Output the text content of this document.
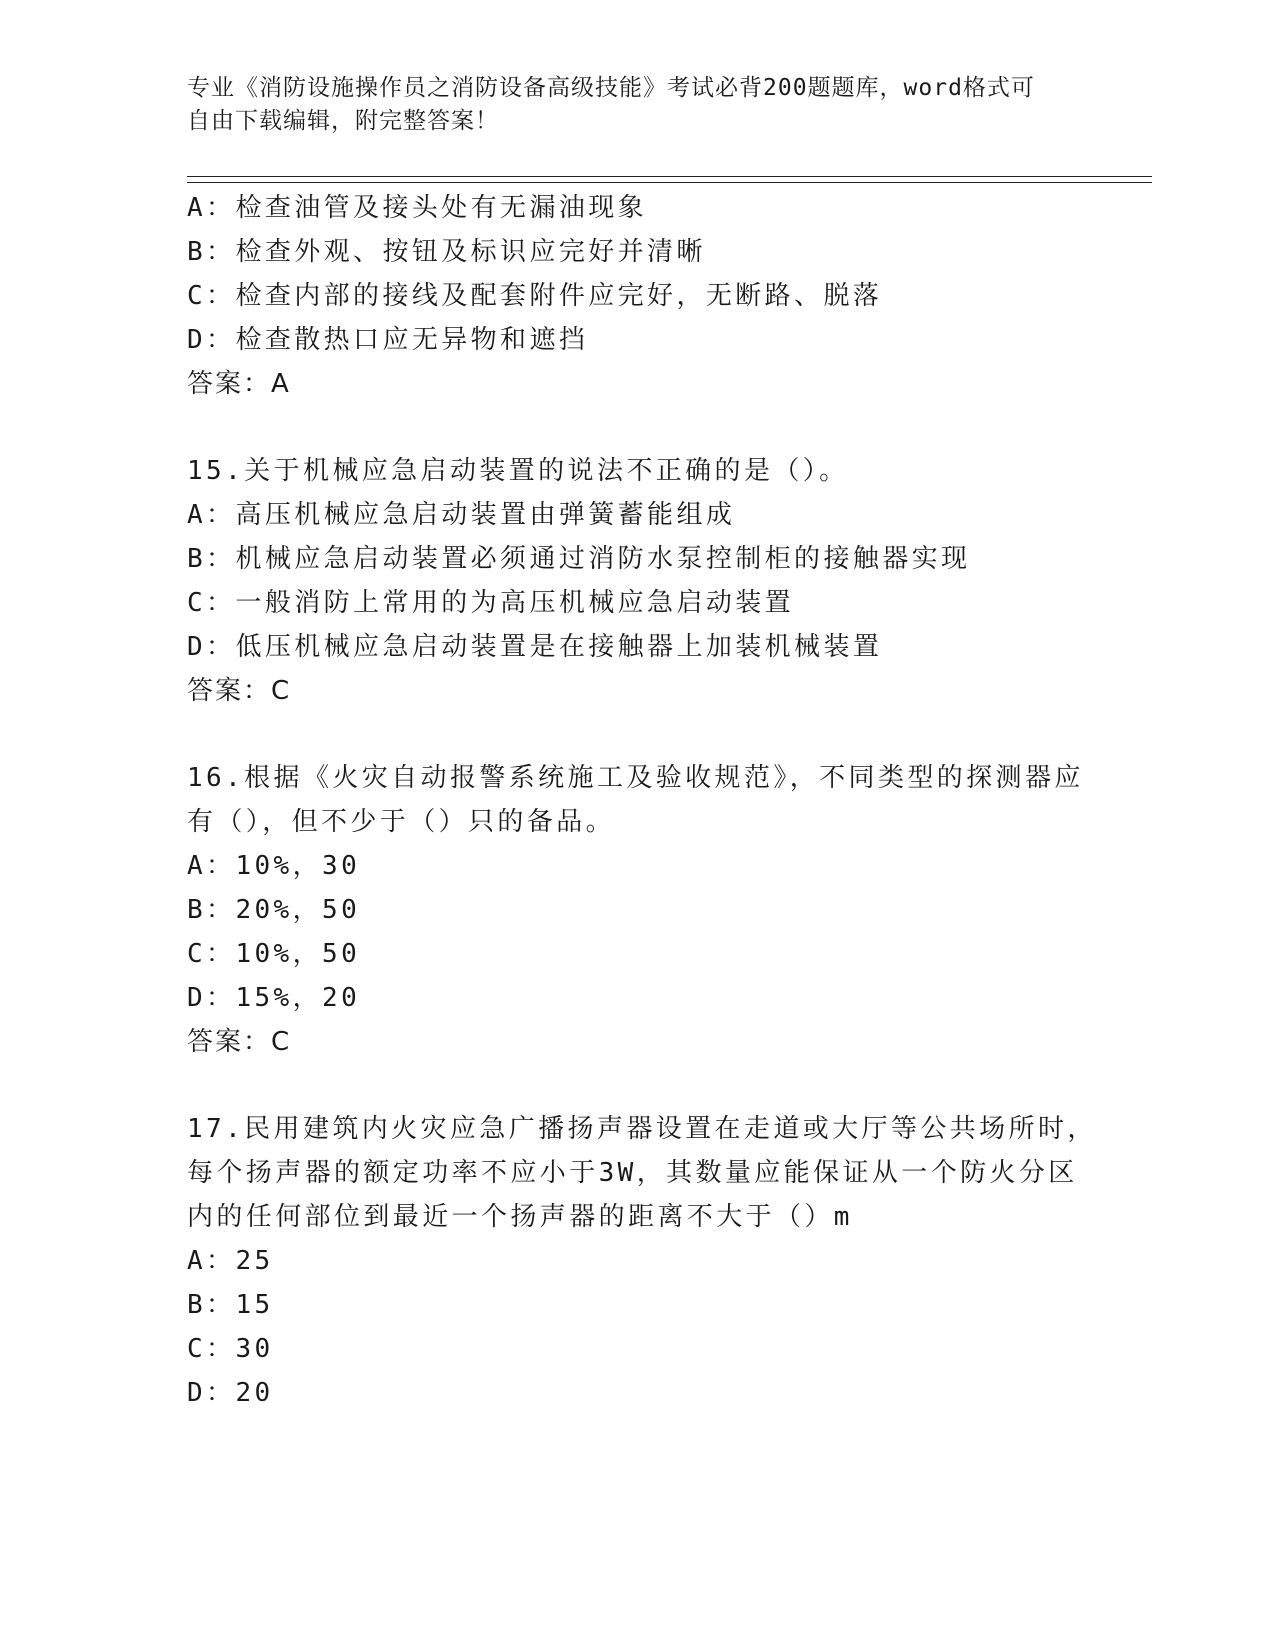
专业《消防设施操作员之消防设备高级技能》考试必背200题题库，word格式可
自由下载编辑，附完整答案！
A：检查油管及接头处有无漏油现象
B：检查外观、按钮及标识应完好并清晰
C：检查内部的接线及配套附件应完好，无断路、脱落
D：检查散热口应无异物和遮挡
答案：A
15.关于机械应急启动装置的说法不正确的是（）。
A：高压机械应急启动装置由弹簧蓄能组成
B：机械应急启动装置必须通过消防水泵控制柜的接触器实现
C：一般消防上常用的为高压机械应急启动装置
D：低压机械应急启动装置是在接触器上加装机械装置
答案：C
16.根据《火灾自动报警系统施工及验收规范》，不同类型的探测器应
有（），但不少于（）只的备品。
A：10%，30
B：20%，50
C：10%，50
D：15%，20
答案：C
17.民用建筑内火灾应急广播扬声器设置在走道或大厅等公共场所时，
每个扬声器的额定功率不应小于3W，其数量应能保证从一个防火分区
内的任何部位到最近一个扬声器的距离不大于（）m
A：25
B：15
C：30
D：20
